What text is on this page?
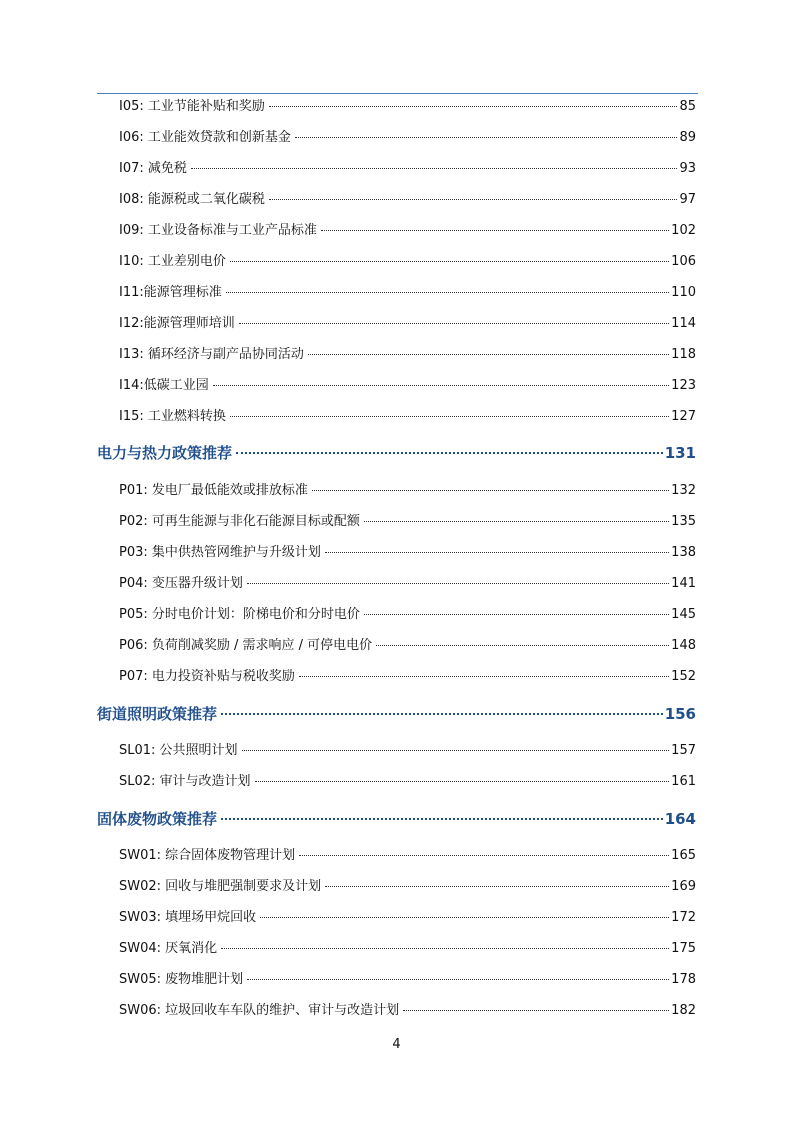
I05: 工业节能补贴和奖励	85
I06: 工业能效贷款和创新基金	89
I07: 减免税	93
I08: 能源税或二氧化碳税	97
I09: 工业设备标准与工业产品标准	102
I10: 工业差别电价	106
I11:能源管理标准	110
I12:能源管理师培训	114
I13: 循环经济与副产品协同活动	118
I14:低碳工业园	123
I15: 工业燃料转换	127
电力与热力政策推荐	131
P01: 发电厂最低能效或排放标准	132
P02: 可再生能源与非化石能源目标或配额	135
P03: 集中供热管网维护与升级计划	138
P04: 变压器升级计划	141
P05: 分时电价计划：阶梯电价和分时电价	145
P06: 负荷削减奖励 / 需求响应 / 可停电电价	148
P07: 电力投资补贴与税收奖励	152
街道照明政策推荐	156
SL01: 公共照明计划	157
SL02: 审计与改造计划	161
固体废物政策推荐	164
SW01: 综合固体废物管理计划	165
SW02: 回收与堆肥强制要求及计划	169
SW03: 填埋场甲烷回收	172
SW04: 厌氧消化	175
SW05: 废物堆肥计划	178
SW06: 垃圾回收车车队的维护、审计与改造计划	182
4
